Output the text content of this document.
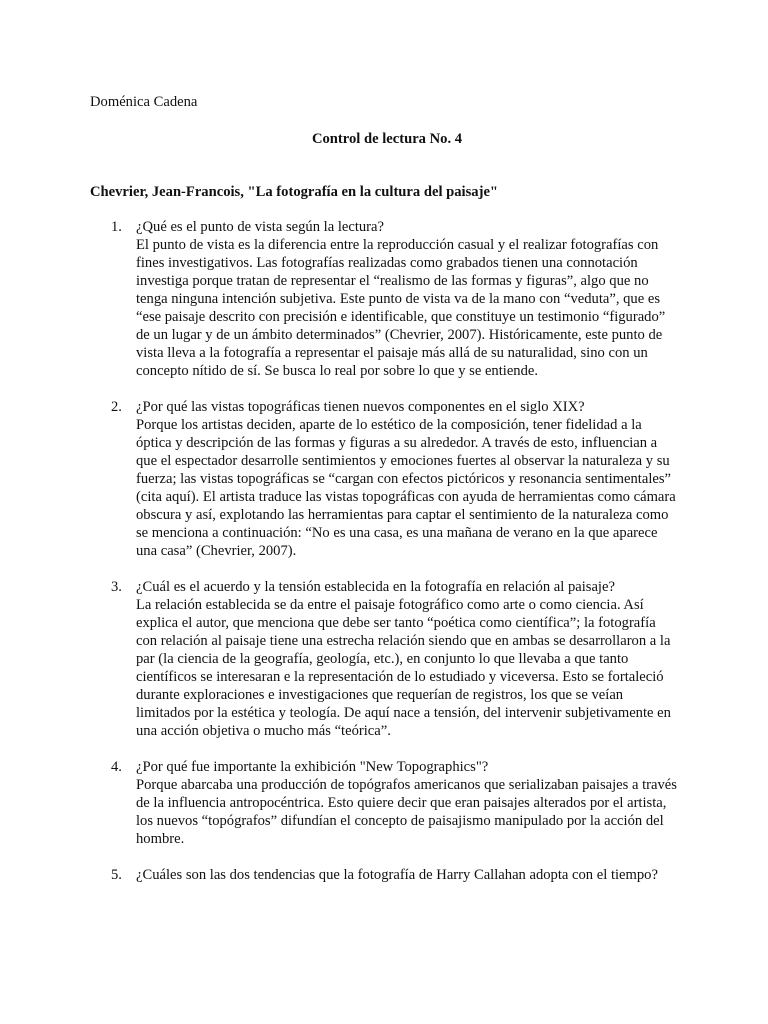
Doménica Cadena

Control de lectura No. 4

Chevrier, Jean-Francois, "La fotografía en la cultura del paisaje"

1. ¿Qué es el punto de vista según la lectura?
El punto de vista es la diferencia entre la reproducción casual y el realizar fotografías con fines investigativos. Las fotografías realizadas como grabados tienen una connotación investiga porque tratan de representar el “realismo de las formas y figuras”, algo que no tenga ninguna intención subjetiva. Este punto de vista va de la mano con “veduta”, que es “ese paisaje descrito con precisión e identificable, que constituye un testimonio “figurado” de un lugar y de un ámbito determinados” (Chevrier, 2007). Históricamente, este punto de vista lleva a la fotografía a representar el paisaje más allá de su naturalidad, sino con un concepto nítido de sí. Se busca lo real por sobre lo que y se entiende.
2. ¿Por qué las vistas topográficas tienen nuevos componentes en el siglo XIX?
Porque los artistas deciden, aparte de lo estético de la composición, tener fidelidad a la óptica y descripción de las formas y figuras a su alrededor. A través de esto, influencian a que el espectador desarrolle sentimientos y emociones fuertes al observar la naturaleza y su fuerza; las vistas topográficas se “cargan con efectos pictóricos y resonancia sentimentales” (cita aquí). El artista traduce las vistas topográficas con ayuda de herramientas como cámara obscura y así, explotando las herramientas para captar el sentimiento de la naturaleza como se menciona a continuación: “No es una casa, es una mañana de verano en la que aparece una casa” (Chevrier, 2007).
3. ¿Cuál es el acuerdo y la tensión establecida en la fotografía en relación al paisaje?
La relación establecida se da entre el paisaje fotográfico como arte o como ciencia. Así explica el autor, que menciona que debe ser tanto “poética como científica”; la fotografía con relación al paisaje tiene una estrecha relación siendo que en ambas se desarrollaron a la par (la ciencia de la geografía, geología, etc.), en conjunto lo que llevaba a que tanto científicos se interesaran e la representación de lo estudiado y viceversa. Esto se fortaleció durante exploraciones e investigaciones que requerían de registros, los que se veían limitados por la estética y teología. De aquí nace a tensión, del intervenir subjetivamente en una acción objetiva o mucho más “teórica”.
4. ¿Por qué fue importante la exhibición "New Topographics"?
Porque abarcaba una producción de topógrafos americanos que serializaban paisajes a través de la influencia antropocéntrica. Esto quiere decir que eran paisajes alterados por el artista, los nuevos “topógrafos” difundían el concepto de paisajismo manipulado por la acción del hombre.
5. ¿Cuáles son las dos tendencias que la fotografía de Harry Callahan adopta con el tiempo?
